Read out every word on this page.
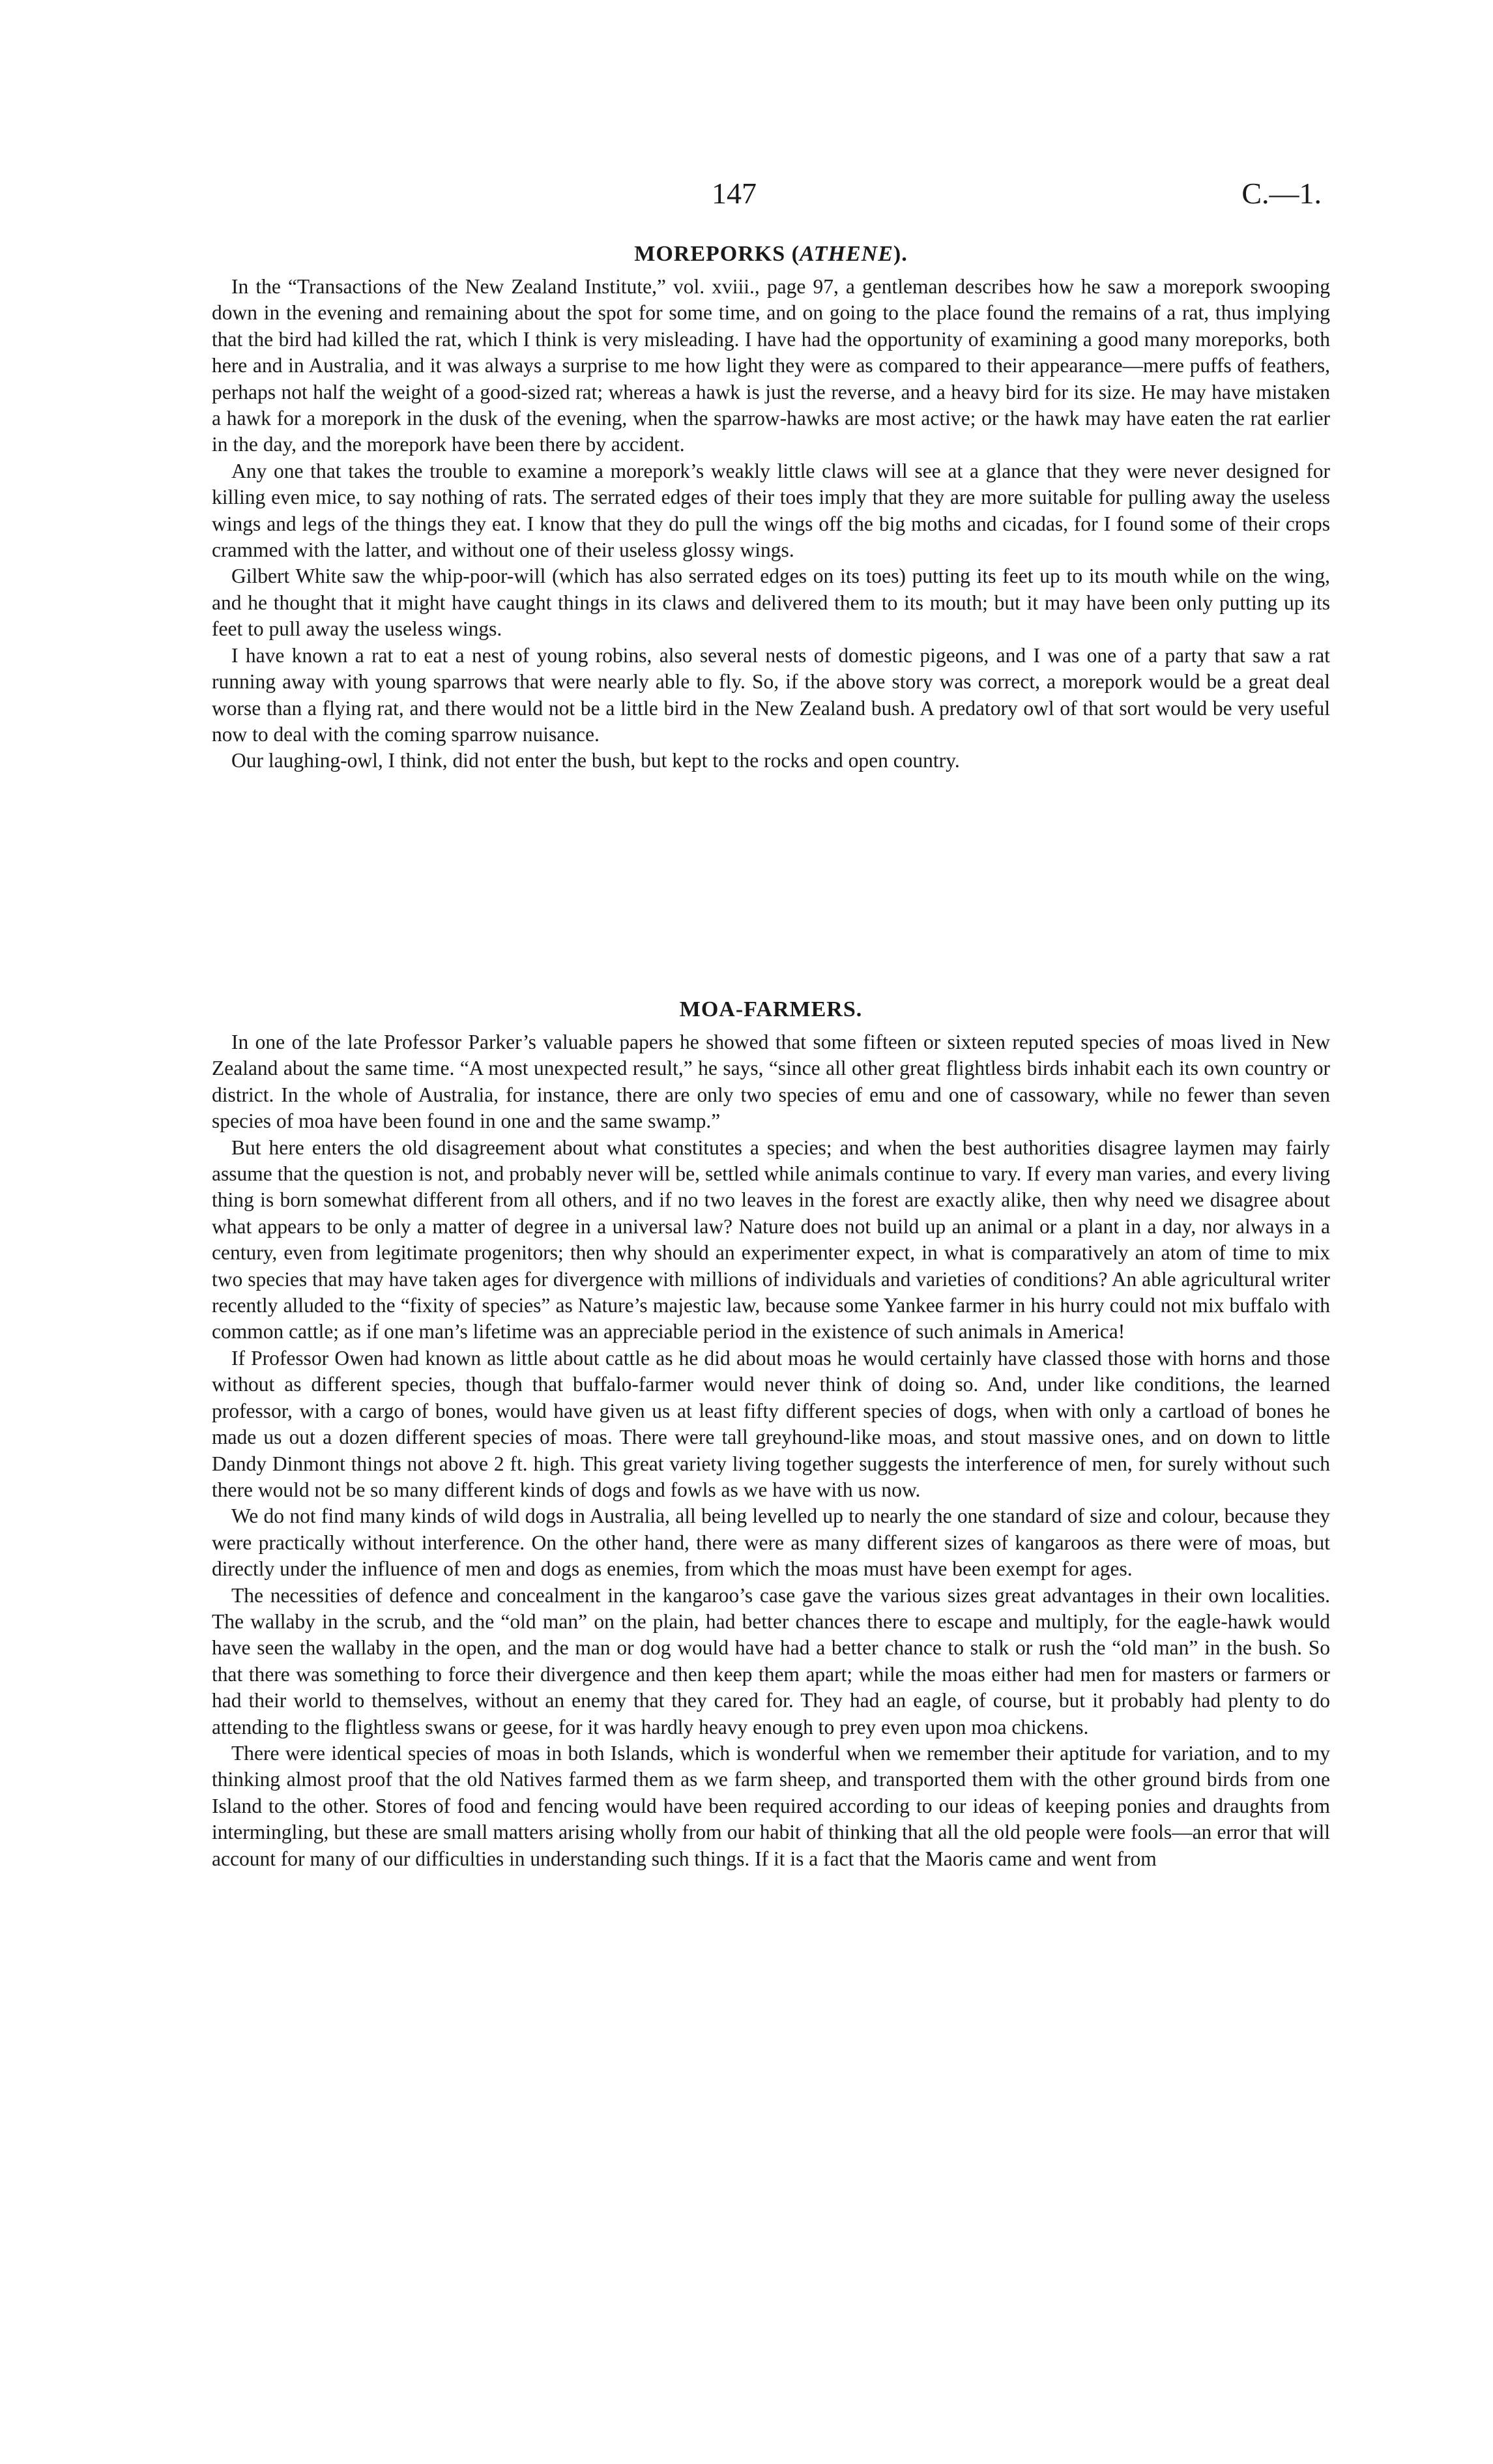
147	C.—1.
MOREPORKS (ATHENE).

In the “Transactions of the New Zealand Institute,” vol. xviii., page 97, a gentleman describes how he saw a morepork swooping down in the evening and remaining about the spot for some time, and on going to the place found the remains of a rat, thus implying that the bird had killed the rat, which I think is very misleading. I have had the opportunity of examining a good many moreporks, both here and in Australia, and it was always a surprise to me how light they were as compared to their appearance—mere puffs of feathers, perhaps not half the weight of a good-sized rat; whereas a hawk is just the reverse, and a heavy bird for its size. He may have mistaken a hawk for a morepork in the dusk of the evening, when the sparrow-hawks are most active; or the hawk may have eaten the rat earlier in the day, and the morepork have been there by accident.

Any one that takes the trouble to examine a morepork’s weakly little claws will see at a glance that they were never designed for killing even mice, to say nothing of rats. The serrated edges of their toes imply that they are more suitable for pulling away the useless wings and legs of the things they eat. I know that they do pull the wings off the big moths and cicadas, for I found some of their crops crammed with the latter, and without one of their useless glossy wings.

Gilbert White saw the whip-poor-will (which has also serrated edges on its toes) putting its feet up to its mouth while on the wing, and he thought that it might have caught things in its claws and delivered them to its mouth; but it may have been only putting up its feet to pull away the useless wings.

I have known a rat to eat a nest of young robins, also several nests of domestic pigeons, and I was one of a party that saw a rat running away with young sparrows that were nearly able to fly. So, if the above story was correct, a morepork would be a great deal worse than a flying rat, and there would not be a little bird in the New Zealand bush. A predatory owl of that sort would be very useful now to deal with the coming sparrow nuisance.

Our laughing-owl, I think, did not enter the bush, but kept to the rocks and open country.

MOA-FARMERS.

In one of the late Professor Parker’s valuable papers he showed that some fifteen or sixteen reputed species of moas lived in New Zealand about the same time. “A most unexpected result,” he says, “since all other great flightless birds inhabit each its own country or district. In the whole of Australia, for instance, there are only two species of emu and one of cassowary, while no fewer than seven species of moa have been found in one and the same swamp.”

But here enters the old disagreement about what constitutes a species; and when the best authorities disagree laymen may fairly assume that the question is not, and probably never will be, settled while animals continue to vary. If every man varies, and every living thing is born somewhat different from all others, and if no two leaves in the forest are exactly alike, then why need we disagree about what appears to be only a matter of degree in a universal law? Nature does not build up an animal or a plant in a day, nor always in a century, even from legitimate progenitors; then why should an experimenter expect, in what is comparatively an atom of time to mix two species that may have taken ages for divergence with millions of individuals and varieties of conditions? An able agricultural writer recently alluded to the “fixity of species” as Nature’s majestic law, because some Yankee farmer in his hurry could not mix buffalo with common cattle; as if one man’s lifetime was an appreciable period in the existence of such animals in America!

If Professor Owen had known as little about cattle as he did about moas he would certainly have classed those with horns and those without as different species, though that buffalo-farmer would never think of doing so. And, under like conditions, the learned professor, with a cargo of bones, would have given us at least fifty different species of dogs, when with only a cartload of bones he made us out a dozen different species of moas. There were tall greyhound-like moas, and stout massive ones, and on down to little Dandy Dinmont things not above 2 ft. high. This great variety living together suggests the interference of men, for surely without such there would not be so many different kinds of dogs and fowls as we have with us now.

We do not find many kinds of wild dogs in Australia, all being levelled up to nearly the one standard of size and colour, because they were practically without interference. On the other hand, there were as many different sizes of kangaroos as there were of moas, but directly under the influence of men and dogs as enemies, from which the moas must have been exempt for ages.

The necessities of defence and concealment in the kangaroo’s case gave the various sizes great advantages in their own localities. The wallaby in the scrub, and the “old man” on the plain, had better chances there to escape and multiply, for the eagle-hawk would have seen the wallaby in the open, and the man or dog would have had a better chance to stalk or rush the “old man” in the bush. So that there was something to force their divergence and then keep them apart; while the moas either had men for masters or farmers or had their world to themselves, without an enemy that they cared for. They had an eagle, of course, but it probably had plenty to do attending to the flightless swans or geese, for it was hardly heavy enough to prey even upon moa chickens.

There were identical species of moas in both Islands, which is wonderful when we remember their aptitude for variation, and to my thinking almost proof that the old Natives farmed them as we farm sheep, and transported them with the other ground birds from one Island to the other. Stores of food and fencing would have been required according to our ideas of keeping ponies and draughts from intermingling, but these are small matters arising wholly from our habit of thinking that all the old people were fools—an error that will account for many of our difficulties in understanding such things. If it is a fact that the Maoris came and went from
